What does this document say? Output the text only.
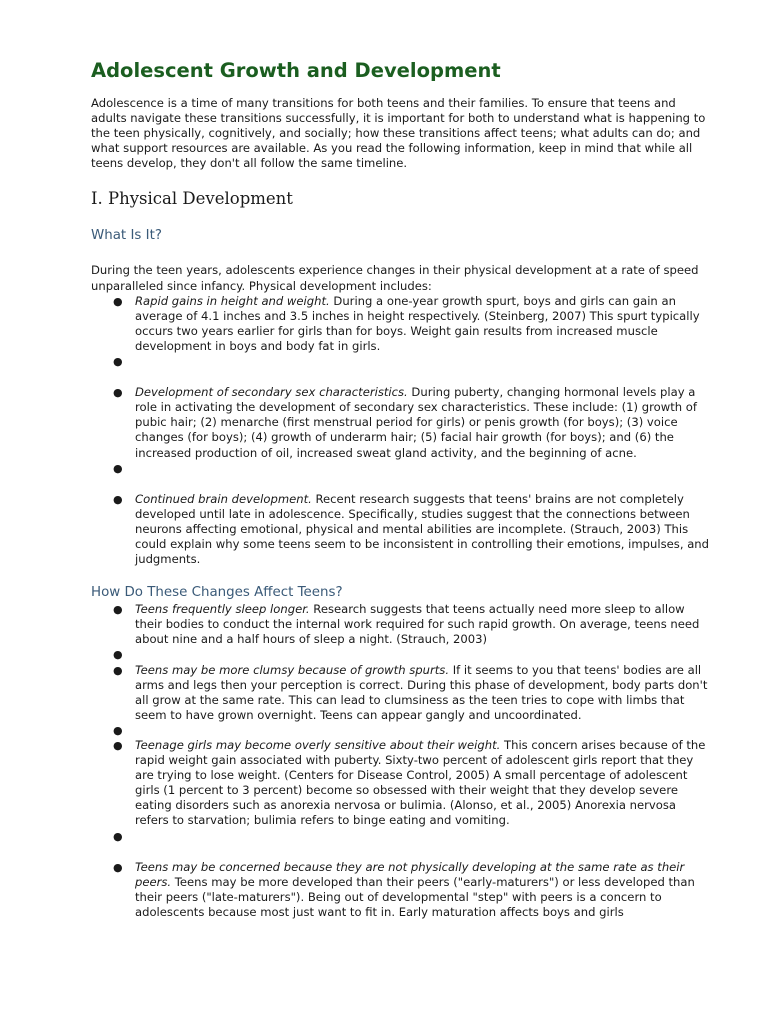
Adolescent Growth and Development

Adolescence is a time of many transitions for both teens and their families. To ensure that teens and adults navigate these transitions successfully, it is important for both to understand what is happening to the teen physically, cognitively, and socially; how these transitions affect teens; what adults can do; and what support resources are available. As you read the following information, keep in mind that while all teens develop, they don't all follow the same timeline.

I. Physical Development
What Is It?

During the teen years, adolescents experience changes in their physical development at a rate of speed unparalleled since infancy. Physical development includes:

● Rapid gains in height and weight. During a one-year growth spurt, boys and girls can gain an average of 4.1 inches and 3.5 inches in height respectively. (Steinberg, 2007) This spurt typically occurs two years earlier for girls than for boys. Weight gain results from increased muscle development in boys and body fat in girls.
●
● Development of secondary sex characteristics. During puberty, changing hormonal levels play a role in activating the development of secondary sex characteristics. These include: (1) growth of pubic hair; (2) menarche (first menstrual period for girls) or penis growth (for boys); (3) voice changes (for boys); (4) growth of underarm hair; (5) facial hair growth (for boys); and (6) the increased production of oil, increased sweat gland activity, and the beginning of acne.
●
● Continued brain development. Recent research suggests that teens' brains are not completely developed until late in adolescence. Specifically, studies suggest that the connections between neurons affecting emotional, physical and mental abilities are incomplete. (Strauch, 2003) This could explain why some teens seem to be inconsistent in controlling their emotions, impulses, and judgments.
How Do These Changes Affect Teens?
● Teens frequently sleep longer. Research suggests that teens actually need more sleep to allow their bodies to conduct the internal work required for such rapid growth. On average, teens need about nine and a half hours of sleep a night. (Strauch, 2003)
●
● Teens may be more clumsy because of growth spurts. If it seems to you that teens' bodies are all arms and legs then your perception is correct. During this phase of development, body parts don't all grow at the same rate. This can lead to clumsiness as the teen tries to cope with limbs that seem to have grown overnight. Teens can appear gangly and uncoordinated.
●
● Teenage girls may become overly sensitive about their weight. This concern arises because of the rapid weight gain associated with puberty. Sixty-two percent of adolescent girls report that they are trying to lose weight. (Centers for Disease Control, 2005) A small percentage of adolescent girls (1 percent to 3 percent) become so obsessed with their weight that they develop severe eating disorders such as anorexia nervosa or bulimia. (Alonso, et al., 2005) Anorexia nervosa refers to starvation; bulimia refers to binge eating and vomiting.
●
● Teens may be concerned because they are not physically developing at the same rate as their peers. Teens may be more developed than their peers ("early-maturers") or less developed than their peers ("late-maturers"). Being out of developmental "step" with peers is a concern to adolescents because most just want to fit in. Early maturation affects boys and girls
